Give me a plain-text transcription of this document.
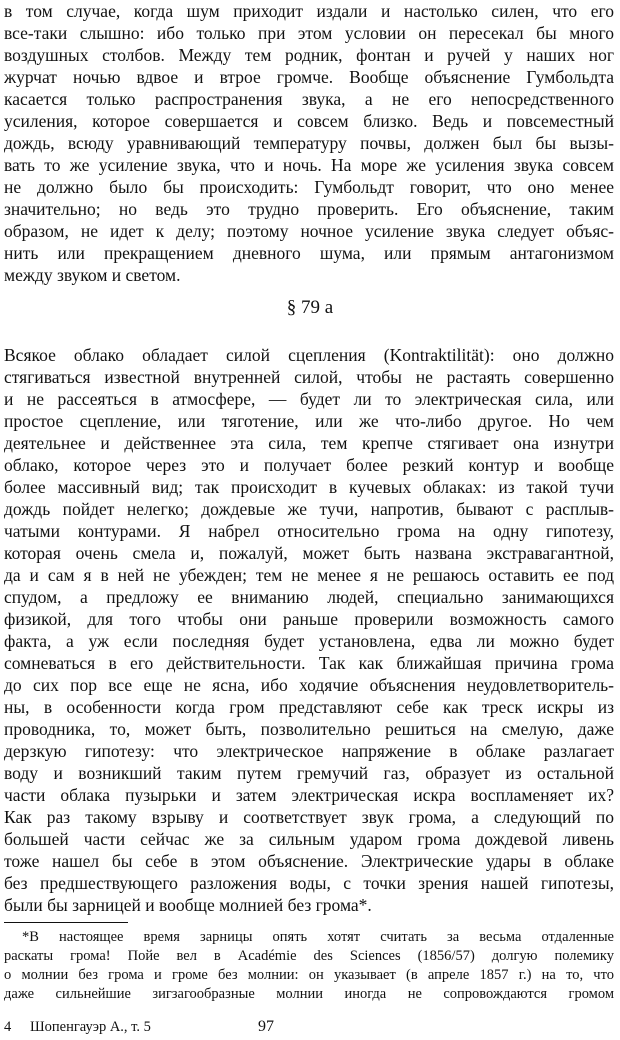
в том случае, когда шум приходит издали и настолько силен, что его
все-таки слышно: ибо только при этом условии он пересекал бы много
воздушных столбов. Между тем родник, фонтан и ручей у наших ног
журчат ночью вдвое и втрое громче. Вообще объяснение Гумбольдта
касается только распространения звука, а не его непосредственного
усиления, которое совершается и совсем близко. Ведь и повсеместный
дождь, всюду уравнивающий температуру почвы, должен был бы вызы-
вать то же усиление звука, что и ночь. На море же усиления звука совсем
не должно было бы происходить: Гумбольдт говорит, что оно менее
значительно; но ведь это трудно проверить. Его объяснение, таким
образом, не идет к делу; поэтому ночное усиление звука следует объяс-
нить или прекращением дневного шума, или прямым антагонизмом
между звуком и светом.
§ 79 а
Всякое облако обладает силой сцепления (Kontraktilität): оно должно
стягиваться известной внутренней силой, чтобы не растаять совершенно
и не рассеяться в атмосфере, — будет ли то электрическая сила, или
простое сцепление, или тяготение, или же что-либо другое. Но чем
деятельнее и действеннее эта сила, тем крепче стягивает она изнутри
облако, которое через это и получает более резкий контур и вообще
более массивный вид; так происходит в кучевых облаках: из такой тучи
дождь пойдет нелегко; дождевые же тучи, напротив, бывают с расплыв-
чатыми контурами. Я набрел относительно грома на одну гипотезу,
которая очень смела и, пожалуй, может быть названа экстравагантной,
да и сам я в ней не убежден; тем не менее я не решаюсь оставить ее под
спудом, а предложу ее вниманию людей, специально занимающихся
физикой, для того чтобы они раньше проверили возможность самого
факта, а уж если последняя будет установлена, едва ли можно будет
сомневаться в его действительности. Так как ближайшая причина грома
до сих пор все еще не ясна, ибо ходячие объяснения неудовлетворитель-
ны, в особенности когда гром представляют себе как треск искры из
проводника, то, может быть, позволительно решиться на смелую, даже
дерзкую гипотезу: что электрическое напряжение в облаке разлагает
воду и возникший таким путем гремучий газ, образует из остальной
части облака пузырьки и затем электрическая искра воспламеняет их?
Как раз такому взрыву и соответствует звук грома, а следующий по
большей части сейчас же за сильным ударом грома дождевой ливень
тоже нашел бы себе в этом объяснение. Электрические удары в облаке
без предшествующего разложения воды, с точки зрения нашей гипотезы,
были бы зарницей и вообще молнией без грома*.
*В настоящее время зарницы опять хотят считать за весьма отдаленные
раскаты грома! Пойе вел в Académie des Sciences (1856/57) долгую полемику
о молнии без грома и громе без молнии: он указывает (в апреле 1857 г.) на то, что
даже сильнейшие зигзагообразные молнии иногда не сопровождаются громом
4 Шопенгауэр А., т. 5	97
